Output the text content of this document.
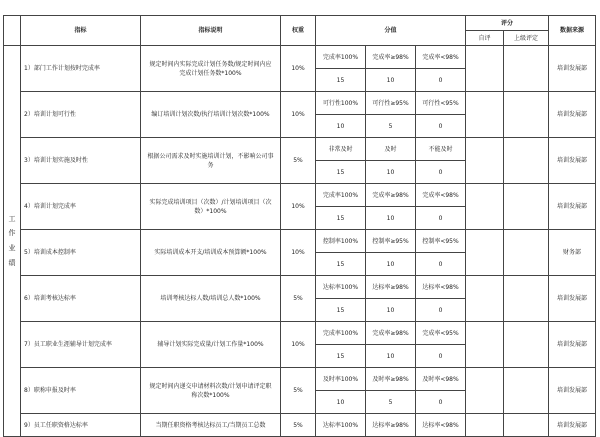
	指标	指标说明	权重	分值			评分		数据来源
							自评	上级评定	

工
作
业
绩	1）部门工作计划按时完成率	规定时间内实际完成计划任务数/规定时间内应完成计划任务数*100%	10%	完成率100%	完成率≥98%	完成率<98%			培训发展部
				15	10	0			
	2）培训计划可行性	编订培训计划次数/执行培训计划次数*100%	10%	可行性100%	可行性≥95%	可行性<95%			培训发展部
				10	5	0			
	3）培训计划实施及时性	根据公司需求及时实施培训计划，不影响公司事务	5%	非常及时	及时	不能及时			培训发展部
				15	10	0			
	4）培训计划完成率	实际完成培训项目（次数）/计划培训项目（次数）*100%	10%	完成率100%	完成率≥98%	完成率<98%			培训发展部
				15	10	0			
	5）培训成本控制率	实际培训成本开支/培训成本预算额*100%	10%	控制率100%	控制率≥95%	控制率<95%			财务部
				15	10	0			
	6）培训考核达标率	培训考核达标人数/培训总人数*100%	5%	达标率100%	达标率≥98%	达标率<98%			培训发展部
				15	10	0			
	7）员工职业生涯辅导计划完成率	辅导计划实际完成量/计划工作量*100%	10%	完成率100%	完成率≥98%	完成率<95%			培训发展部
				15	10	0			
	8）职称申报及时率	规定时间内递交申请材料次数/计划申请评定职称次数*100%	5%	及时率100%	及时率≥98%	及时率<98%			培训发展部
				10	5	0			
	9）员工任职资格达标率	当期任职资格考核达标员工/当期员工总数	5%	达标率100%	达标率≥98%	达标率<98%			培训发展部
